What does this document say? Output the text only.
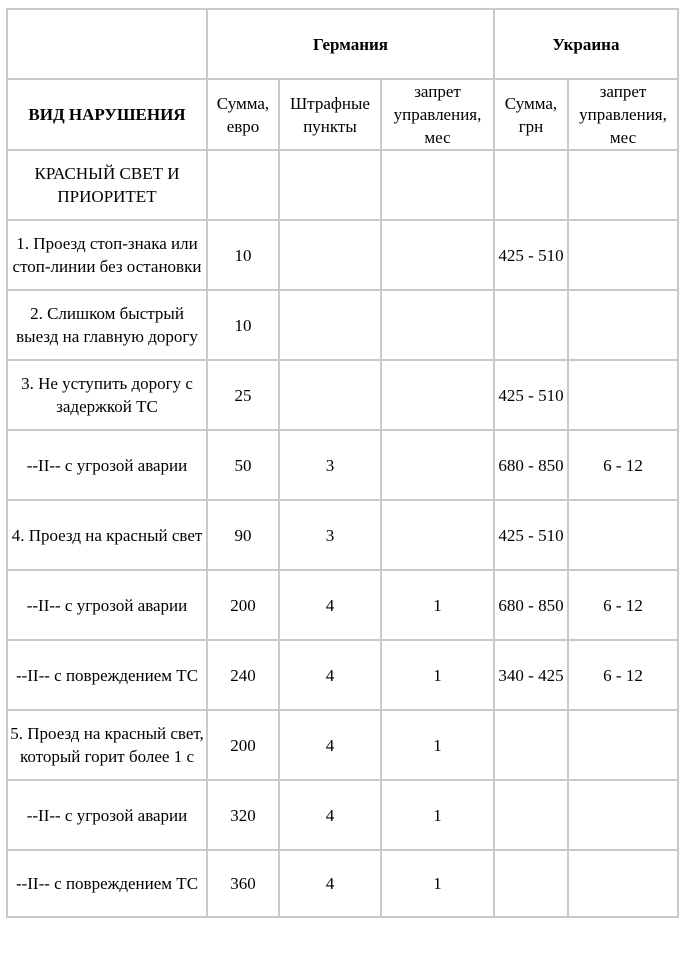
	Германия			Украина	
ВИД НАРУШЕНИЯ	Сумма, евро	Штрафные пункты	запрет управления, мес	Сумма, грн	запрет управления, мес
КРАСНЫЙ СВЕТ И ПРИОРИТЕТ					
1. Проезд стоп-знака или стоп-линии без остановки	10			425 - 510	
2. Слишком быстрый выезд на главную дорогу	10				
3. Не уступить дорогу с задержкой ТС	25			425 - 510	
--II-- с угрозой аварии	50	3		680 - 850	6 - 12
4. Проезд на красный свет	90	3		425 - 510	
--II-- с угрозой аварии	200	4	1	680 - 850	6 - 12
--II-- с повреждением ТС	240	4	1	340 - 425	6 - 12
5. Проезд на красный свет, который горит более 1 с	200	4	1		
--II-- с угрозой аварии	320	4	1		
--II-- с повреждением ТС	360	4	1		
